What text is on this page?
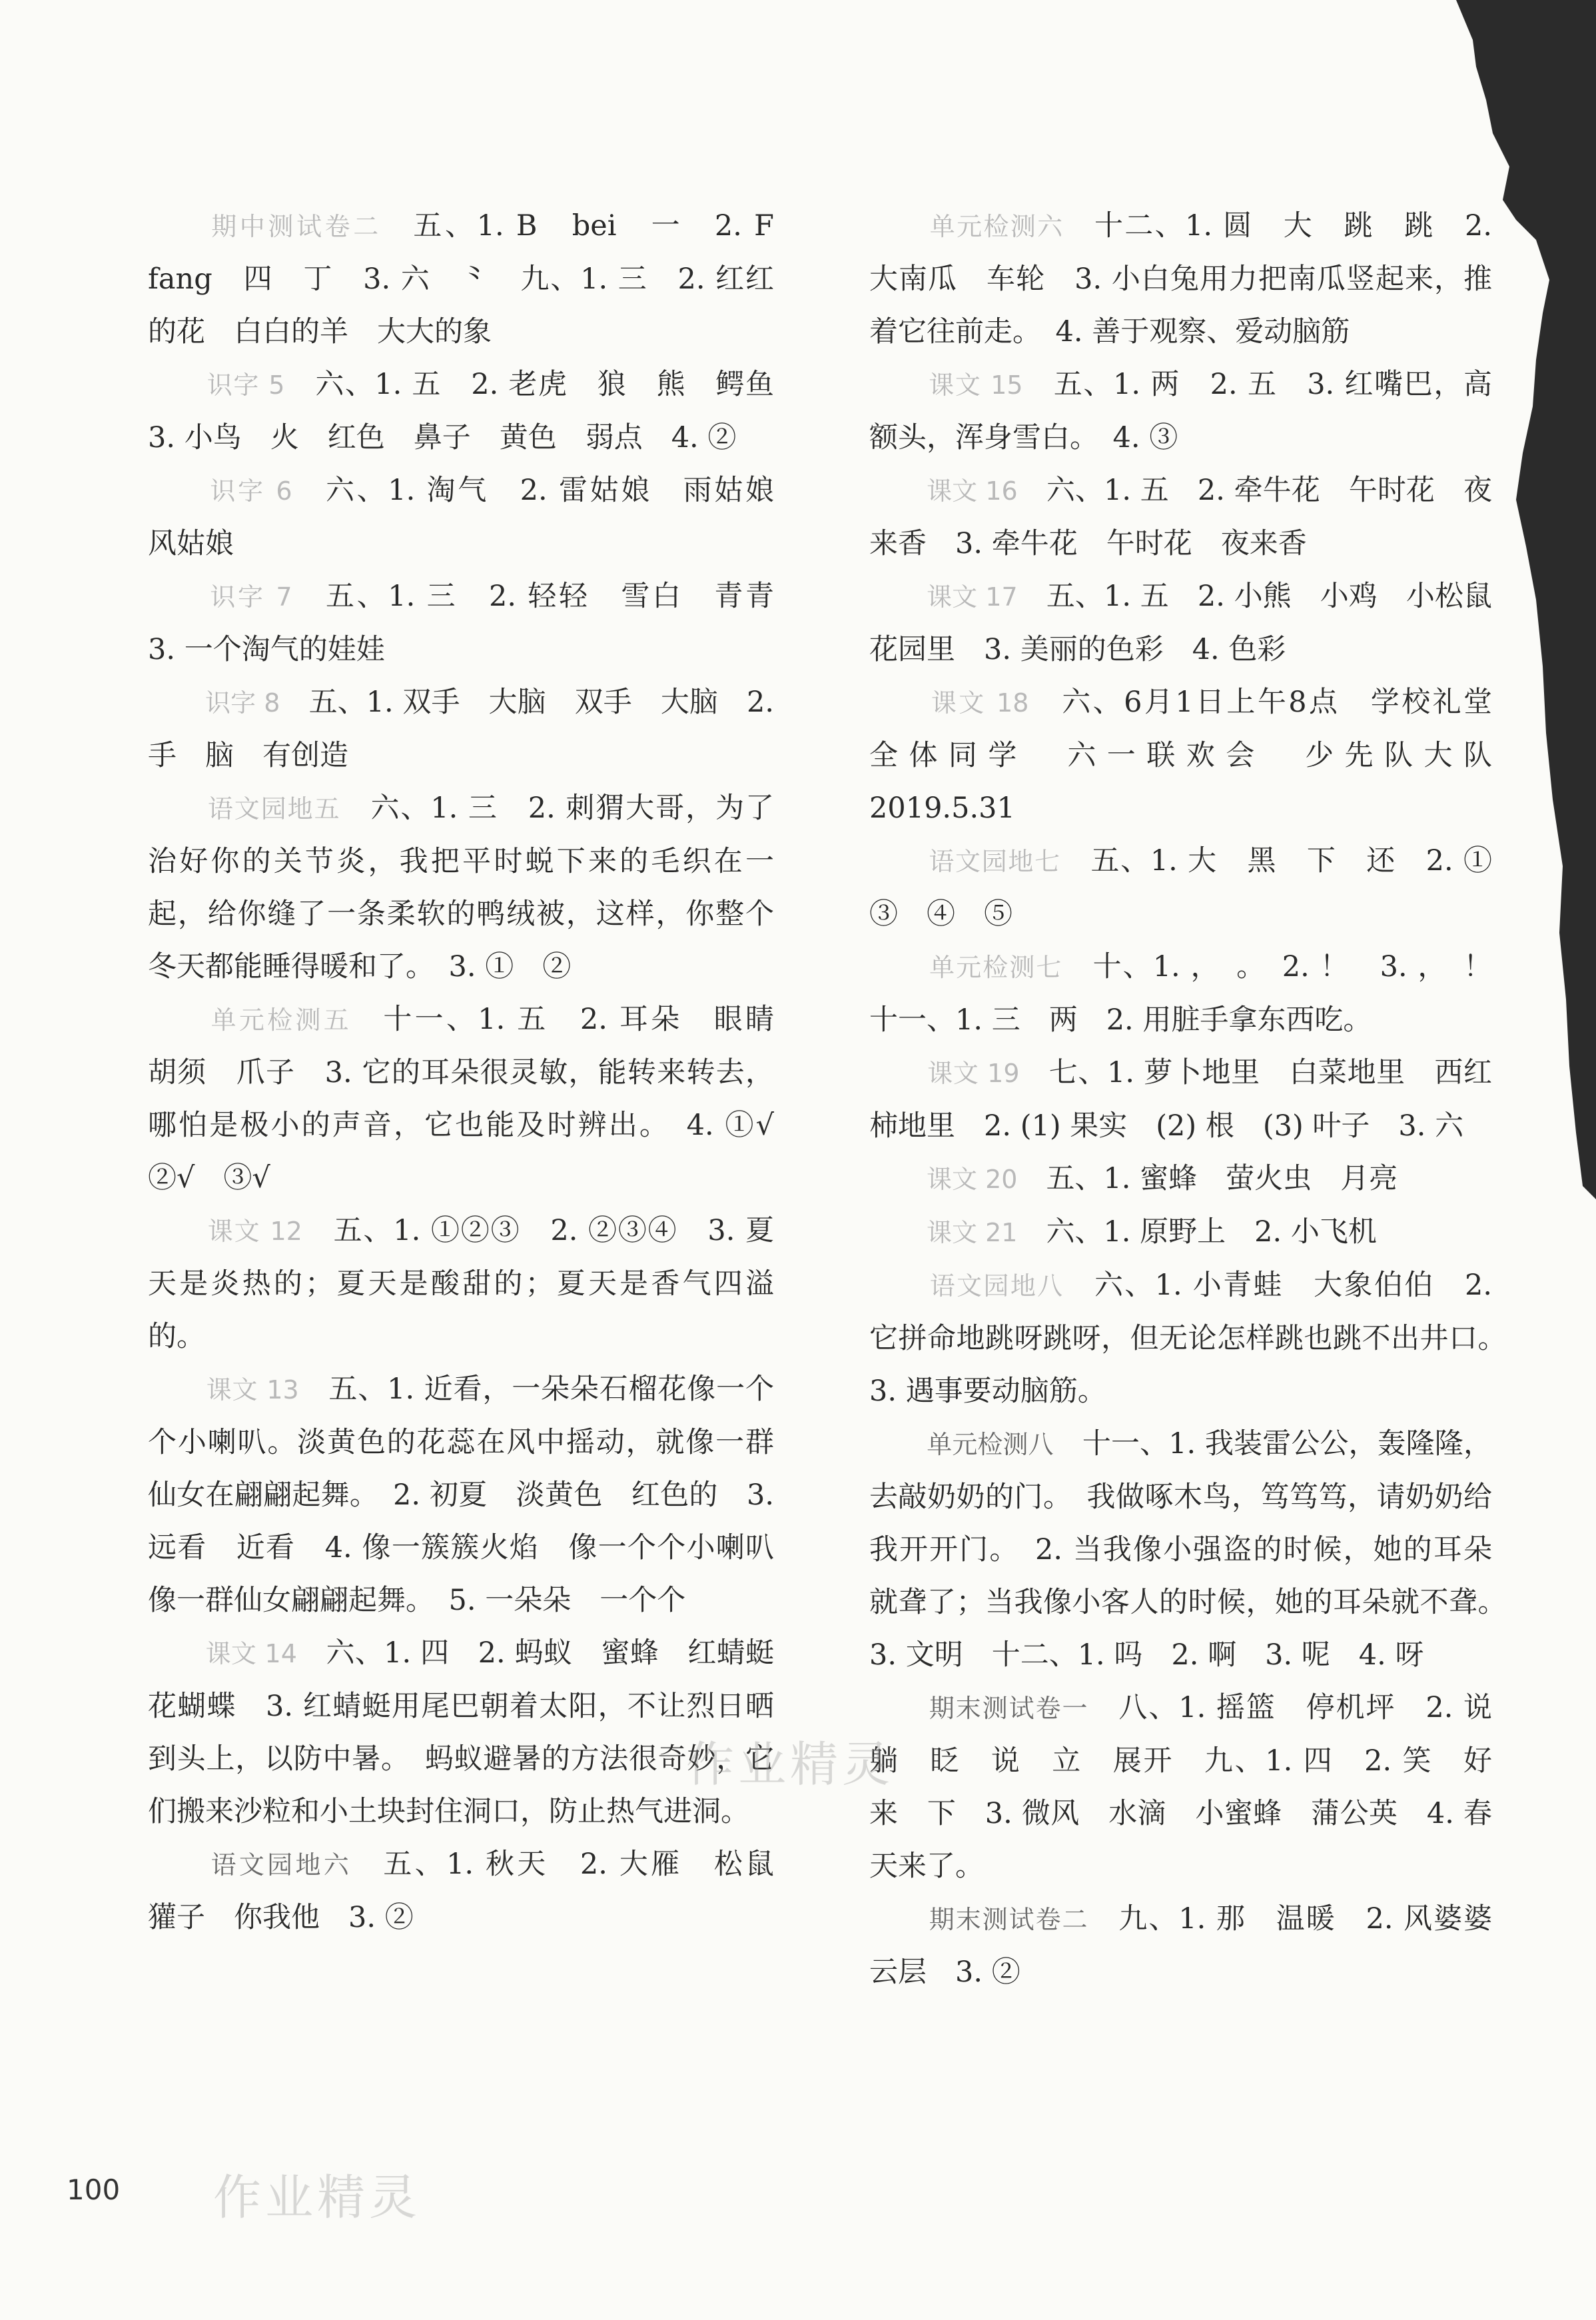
　　期中测试卷二　 五、1. B　bei　一　2. F　fang　四　丁　3. 六　⺀　九、1. 三　2. 红红的花　白白的羊　大大的象

　　识字 5　 六、1. 五　2. 老虎　狼　熊　鳄鱼　3. 小鸟　火　红色　鼻子　黄色　弱点　4. ②

　　识字 6　 六、1. 淘气　2. 雷姑娘　雨姑娘　风姑娘

　　识字 7　 五、1. 三　2. 轻轻　雪白　青青　3. 一个淘气的娃娃

　　识字 8　 五、1. 双手　大脑　双手　大脑　2. 手　脑　有创造

　　语文园地五　 六、1. 三　2. 刺猬大哥，为了治好你的关节炎，我把平时蜕下来的毛织在一起，给你缝了一条柔软的鸭绒被，这样，你整个冬天都能睡得暖和了。　3. ①　②

　　单元检测五　 十一、1. 五　2. 耳朵　眼睛　胡须　爪子　3. 它的耳朵很灵敏，能转来转去，哪怕是极小的声音，它也能及时辨出。　4. ①√　②√　③√

　　课文 12　 五、1. ①②③　2. ②③④　3. 夏天是炎热的；夏天是酸甜的；夏天是香气四溢的。

　　课文 13　 五、1. 近看，一朵朵石榴花像一个个小喇叭。淡黄色的花蕊在风中摇动，就像一群仙女在翩翩起舞。　2. 初夏　淡黄色　红色的　3. 远看　近看　4. 像一簇簇火焰　像一个个小喇叭　像一群仙女翩翩起舞。　5. 一朵朵　一个个

　　课文 14　 六、1. 四　2. 蚂蚁　蜜蜂　红蜻蜓　花蝴蝶　3. 红蜻蜓用尾巴朝着太阳，不让烈日晒到头上，以防中暑。　蚂蚁避暑的方法很奇妙，它们搬来沙粒和小土块封住洞口，防止热气进洞。

　　语文园地六　 五、1. 秋天　2. 大雁　松鼠　獾子　你我他　3. ②

　　单元检测六　 十二、1. 圆　大　跳　跳　2. 大南瓜　车轮　3. 小白兔用力把南瓜竖起来，推着它往前走。　4. 善于观察、爱动脑筋

　　课文 15　 五、1. 两　2. 五　3. 红嘴巴，高额头，浑身雪白。　4. ③

　　课文 16　 六、1. 五　2. 牵牛花　午时花　夜来香　3. 牵牛花　午时花　夜来香

　　课文 17　 五、1. 五　2. 小熊　小鸡　小松鼠　花园里　3. 美丽的色彩　4. 色彩

　　课文 18　 六、6月1日上午8点　学校礼堂　全体同学　六一联欢会　少先队大队　2019.5.31

　　语文园地七　 五、1. 大　黑　下　还　2. ①　③　④　⑤

　　单元检测七　 十、1. ，　。　2. ！　3. ，　！　十一、1. 三　两　2. 用脏手拿东西吃。

　　课文 19　 七、1. 萝卜地里　白菜地里　西红柿地里　2. (1) 果实　(2) 根　(3) 叶子　3. 六

　　课文 20　 五、1. 蜜蜂　萤火虫　月亮

　　课文 21　 六、1. 原野上　2. 小飞机

　　语文园地八　 六、1. 小青蛙　大象伯伯　2. 它拼命地跳呀跳呀，但无论怎样跳也跳不出井口。　3. 遇事要动脑筋。

　　单元检测八　 十一、1. 我装雷公公，轰隆隆，去敲奶奶的门。　我做啄木鸟，笃笃笃，请奶奶给我开开门。　2. 当我像小强盗的时候，她的耳朵就聋了；当我像小客人的时候，她的耳朵就不聋。　3. 文明　十二、1. 吗　2. 啊　3. 呢　4. 呀

　　期末测试卷一　 八、1. 摇篮　停机坪　2. 说　躺　眨　说　立　展开　九、1. 四　2. 笑　好　来　下　3. 微风　水滴　小蜜蜂　蒲公英　4. 春天来了。

　　期末测试卷二　 九、1. 那　温暖　2. 风婆婆　云层　3. ②

作业精灵
作业精灵
100
